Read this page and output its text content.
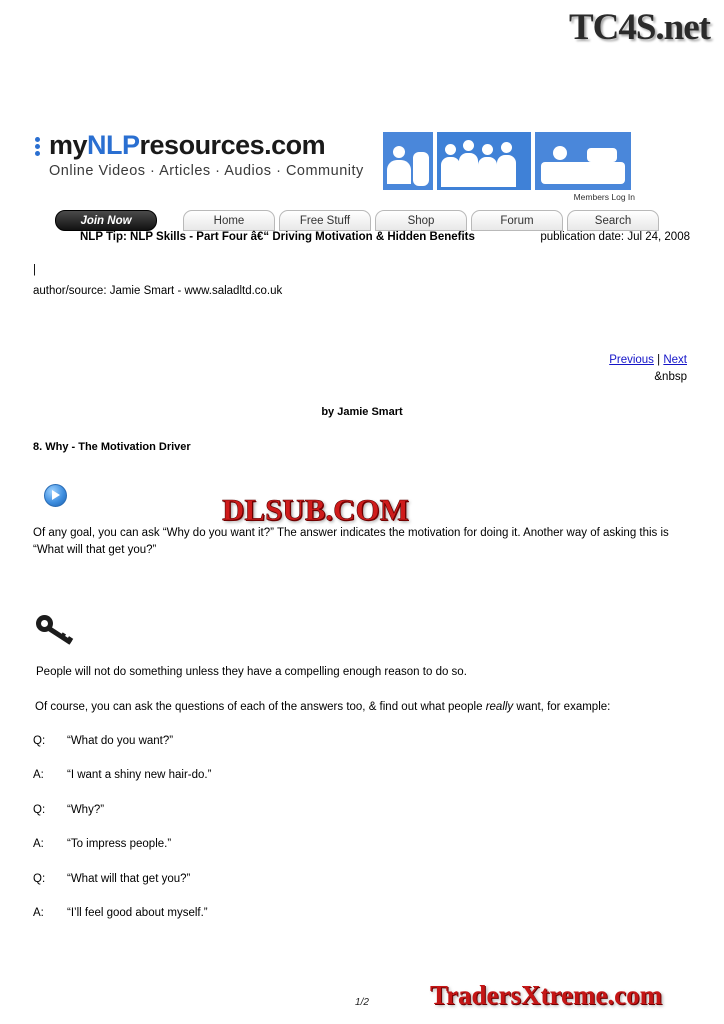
TC4S.net
DLSUB.COM
TradersXtreme.com
myNLPresources.com
Online Videos · Articles · Audios · Community
Members Log In
Join Now	Home	Free Stuff	Shop	Forum	Search
NLP Tip: NLP Skills - Part Four â€“ Driving Motivation & Hidden Benefits	publication date: Jul 24, 2008
|
author/source: Jamie Smart - www.saladltd.co.uk
Previous | Next
&nbsp
by Jamie Smart
8. Why - The Motivation Driver
Of any goal, you can ask “Why do you want it?” The answer indicates the motivation for doing it. Another way of asking this is “What will that get you?”
People will not do something unless they have a compelling enough reason to do so.
Of course, you can ask the questions of each of the answers too, & find out what people really want, for example:
Q: “What do you want?”
A: “I want a shiny new hair-do.”
Q: “Why?”
A: “To impress people.”
Q: “What will that get you?”
A: “I’ll feel good about myself.”
1/2
